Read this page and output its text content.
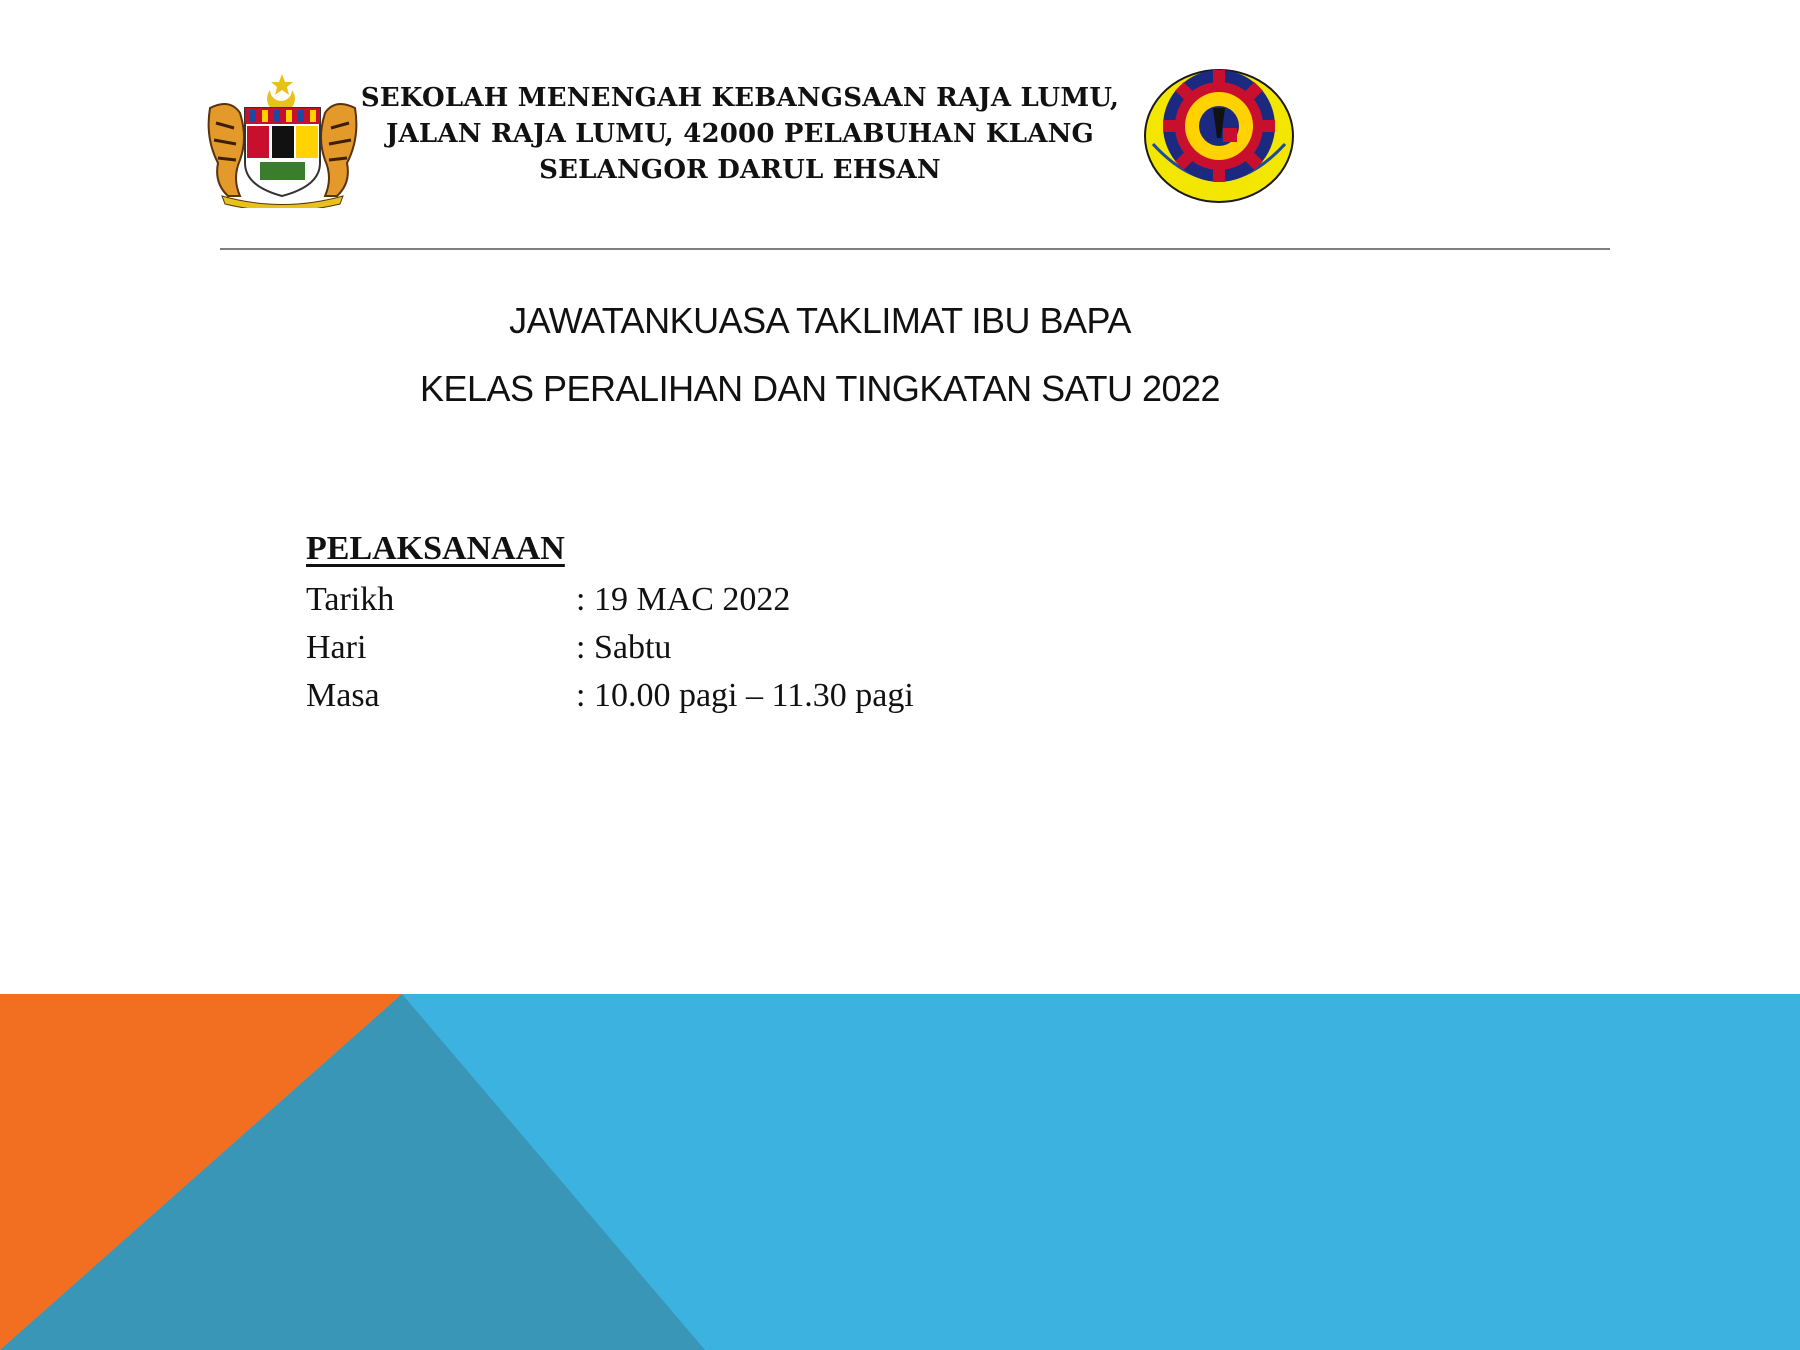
SEKOLAH MENENGAH KEBANGSAAN RAJA LUMU,
JALAN RAJA LUMU, 42000 PELABUHAN KLANG
SELANGOR DARUL EHSAN
JAWATANKUASA TAKLIMAT IBU BAPA
KELAS PERALIHAN DAN TINGKATAN SATU 2022
PELAKSANAAN
Tarikh	: 19 MAC 2022
Hari	: Sabtu
Masa	: 10.00 pagi – 11.30 pagi
